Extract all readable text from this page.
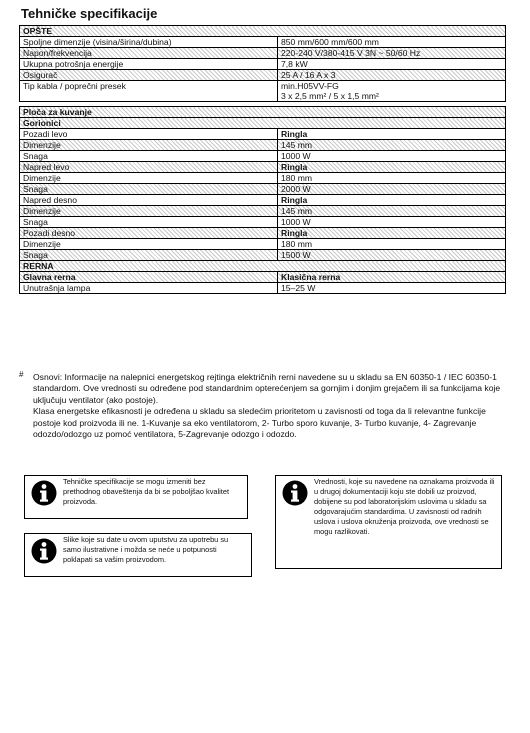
Tehničke specifikacije
OPŠTE	
Spoljne dimenzije (visina/širina/dubina)	850 mm/600 mm/600 mm
Napon/frekvencija	220-240 V/380-415 V 3N ~ 50/60 Hz
Ukupna potrošnja energije	7,8 kW
Osigurač	25 A / 16 A x 3
Tip kabla / poprečni presek	min.H05VV-FG
3 x 2,5 mm² / 5 x 1,5 mm²

Ploča za kuvanje	
Gorionici	
Pozadi levo	Ringla
Dimenzije	145 mm
Snaga	1000 W
Napred levo	Ringla
Dimenzije	180 mm
Snaga	2000 W
Napred desno	Ringla
Dimenzije	145 mm
Snaga	1000 W
Pozadi desno	Ringla
Dimenzije	180 mm
Snaga	1500 W
RERNA	
Glavna rerna	Klasična rerna
Unutrašnja lampa	15–25 W
# Osnovi: Informacije na nalepnici energetskog rejtinga električnih rerni navedene su u skladu sa EN 60350-1 / IEC 60350-1 standardom. Ove vrednosti su određene pod standardnim opterećenjem sa gornjim i donjim grejačem ili sa funkcijama koje uključuju ventilator (ako postoje).

Klasa energetske efikasnosti je određena u skladu sa sledećim prioritetom u zavisnosti od toga da li relevantne funkcije postoje kod proizvoda ili ne. 1-Kuvanje sa eko ventilatorom, 2- Turbo sporo kuvanje, 3- Turbo kuvanje, 4- Zagrevanje odozdo/odozgo uz pomoć ventilatora, 5-Zagrevanje odozgo i odozdo.

Tehničke specifikacije se mogu izmeniti bez prethodnog obaveštenja da bi se poboljšao kvalitet proizvoda.
Slike koje su date u ovom uputstvu za upotrebu su samo ilustrativne i možda se neće u potpunosti poklapati sa vašim proizvodom.
Vrednosti, koje su navedene na oznakama proizvoda ili u drugoj dokumentaciji koju ste dobili uz proizvod, dobijene su pod laboratorijskim uslovima u skladu sa odgovarajućim standardima. U zavisnosti od radnih uslova i uslova okruženja proizvoda, ove vrednosti se mogu razlikovati.
